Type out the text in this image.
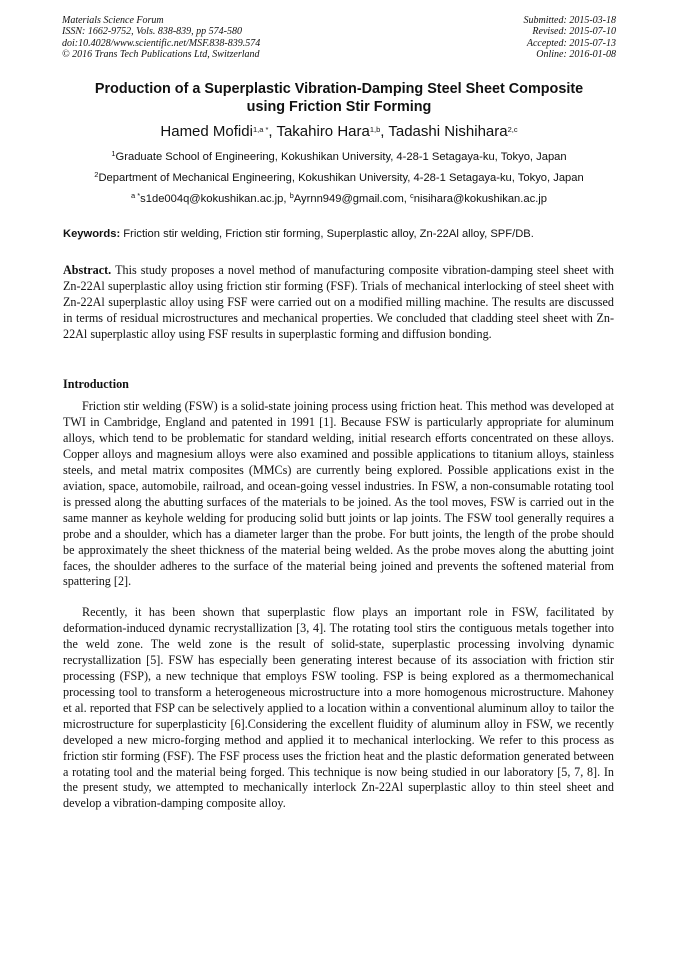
Materials Science Forum
ISSN: 1662-9752, Vols. 838-839, pp 574-580
doi:10.4028/www.scientific.net/MSF.838-839.574
© 2016 Trans Tech Publications Ltd, Switzerland
Submitted: 2015-03-18
Revised: 2015-07-10
Accepted: 2015-07-13
Online: 2016-01-08
Production of a Superplastic Vibration-Damping Steel Sheet Composite
using Friction Stir Forming
Hamed Mofidi$^{1,a *}$, Takahiro Hara$^{1,b}$, Tadashi Nishihara$^{2,c}$
$^1$Graduate School of Engineering, Kokushikan University, 4-28-1 Setagaya-ku, Tokyo, Japan
$^2$Department of Mechanical Engineering, Kokushikan University, 4-28-1 Setagaya-ku, Tokyo, Japan
$^{a *}$s1de004q@kokushikan.ac.jp, $^b$Ayrnn949@gmail.com, $^c$nisihara@kokushikan.ac.jp
Keywords: Friction stir welding, Friction stir forming, Superplastic alloy, Zn-22Al alloy, SPF/DB.
Abstract. This study proposes a novel method of manufacturing composite vibration-damping steel sheet with Zn-22Al superplastic alloy using friction stir forming (FSF). Trials of mechanical interlocking of steel sheet with Zn-22Al superplastic alloy using FSF were carried out on a modified milling machine. The results are discussed in terms of residual microstructures and mechanical properties. We concluded that cladding steel sheet with Zn-22Al superplastic alloy using FSF results in superplastic forming and diffusion bonding.
Introduction
Friction stir welding (FSW) is a solid-state joining process using friction heat. This method was developed at TWI in Cambridge, England and patented in 1991 [1]. Because FSW is particularly appropriate for aluminum alloys, which tend to be problematic for standard welding, initial research efforts concentrated on these alloys. Copper alloys and magnesium alloys were also examined and possible applications to titanium alloys, stainless steels, and metal matrix composites (MMCs) are currently being explored. Possible applications exist in the aviation, space, automobile, railroad, and ocean-going vessel industries. In FSW, a non-consumable rotating tool is pressed along the abutting surfaces of the materials to be joined. As the tool moves, FSW is carried out in the same manner as keyhole welding for producing solid butt joints or lap joints. The FSW tool generally requires a probe and a shoulder, which has a diameter larger than the probe. For butt joints, the length of the probe should be approximately the sheet thickness of the material being welded. As the probe moves along the abutting joint faces, the shoulder adheres to the surface of the material being joined and prevents the softened material from spattering [2].
Recently, it has been shown that superplastic flow plays an important role in FSW, facilitated by deformation-induced dynamic recrystallization [3, 4]. The rotating tool stirs the contiguous metals together into the weld zone. The weld zone is the result of solid-state, superplastic processing involving dynamic recrystallization [5]. FSW has especially been generating interest because of its association with friction stir processing (FSP), a new technique that employs FSW tooling. FSP is being explored as a thermomechanical processing tool to transform a heterogeneous microstructure into a more homogenous microstructure. Mahoney et al. reported that FSP can be selectively applied to a location within a conventional aluminum alloy to tailor the microstructure for superplasticity [6].Considering the excellent fluidity of aluminum alloy in FSW, we recently developed a new micro-forging method and applied it to mechanical interlocking. We refer to this process as friction stir forming (FSF). The FSF process uses the friction heat and the plastic deformation generated between a rotating tool and the material being forged. This technique is now being studied in our laboratory [5, 7, 8]. In the present study, we attempted to mechanically interlock Zn-22Al superplastic alloy to thin steel sheet and develop a vibration-damping composite alloy.
